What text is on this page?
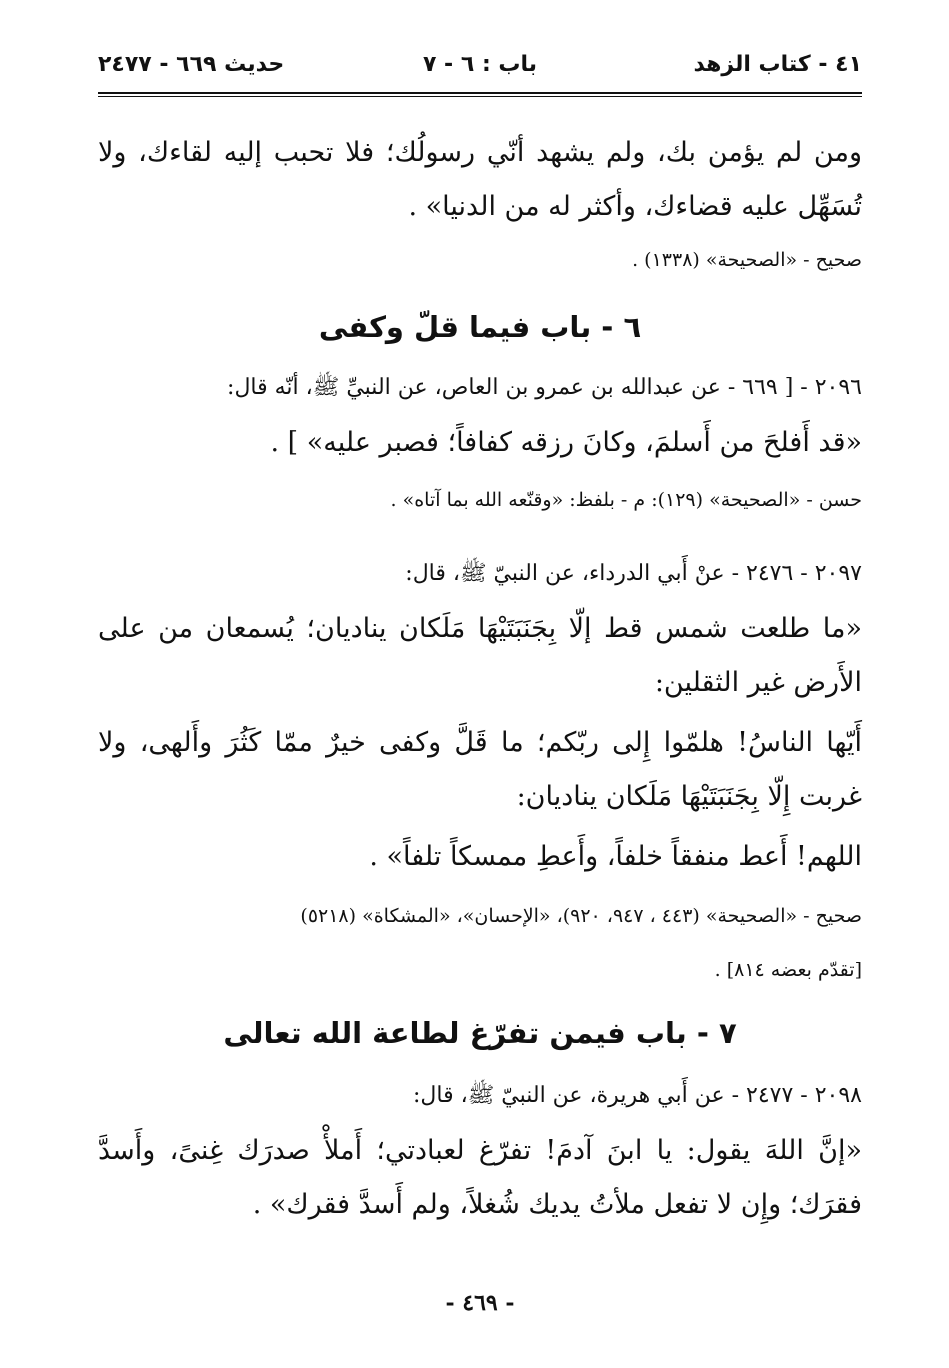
٤١ - كتاب الزهد
باب : ٦ - ٧
حديث ٦٦٩ - ٢٤٧٧
ومن لم يؤمن بك، ولم يشهد أنّي رسولُك؛ فلا تحبب إليه لقاءك، ولا تُسَهِّل عليه قضاءك، وأكثر له من الدنيا» .
صحيح - «الصحيحة» (١٣٣٨) .
٦ - باب فيما قلّ وكفى
٢٠٩٦ - [ ٦٦٩ - عن عبدالله بن عمرو بن العاص، عن النبيِّ ﷺ، أنّه قال:
«قد أَفلحَ من أَسلمَ، وكانَ رزقه كفافاً؛ فصبر عليه» ] .
حسن - «الصحيحة» (١٢٩): م - بلفظ: «وقنّعه الله بما آتاه» .
٢٠٩٧ - ٢٤٧٦ - عنْ أَبي الدرداء، عن النبيّ ﷺ، قال:
«ما طلعت شمس قط إلّا بِجَنَبَتَيْهَا مَلَكان يناديان؛ يُسمعان من على الأَرض غير الثقلين:
أَيّها الناسُ! هلمّوا إِلى ربّكم؛ ما قَلَّ وكفى خيرٌ ممّا كَثُرَ وأَلهى، ولا غربت إِلّا بِجَنَبَتَيْهَا مَلَكان يناديان:
اللهم! أَعط منفقاً خلفاً، وأَعطِ ممسكاً تلفاً» .
صحيح - «الصحيحة» (٤٤٣ ، ٩٤٧، ٩٢٠)، «الإحسان»، «المشكاة» (٥٢١٨)
[تقدّم بعضه ٨١٤] .
٧ - باب فيمن تفرّغ لطاعة الله تعالى
٢٠٩٨ - ٢٤٧٧ - عن أَبي هريرة، عن النبيّ ﷺ، قال:
«إنَّ اللهَ يقول: يا ابنَ آدمَ! تفرّغ لعبادتي؛ أَملأْ صدرَك غِنىً، وأَسدَّ فقرَك؛ وإِن لا تفعل ملأتُ يديك شُغلاً، ولم أَسدَّ فقرك» .
- ٤٦٩ -
